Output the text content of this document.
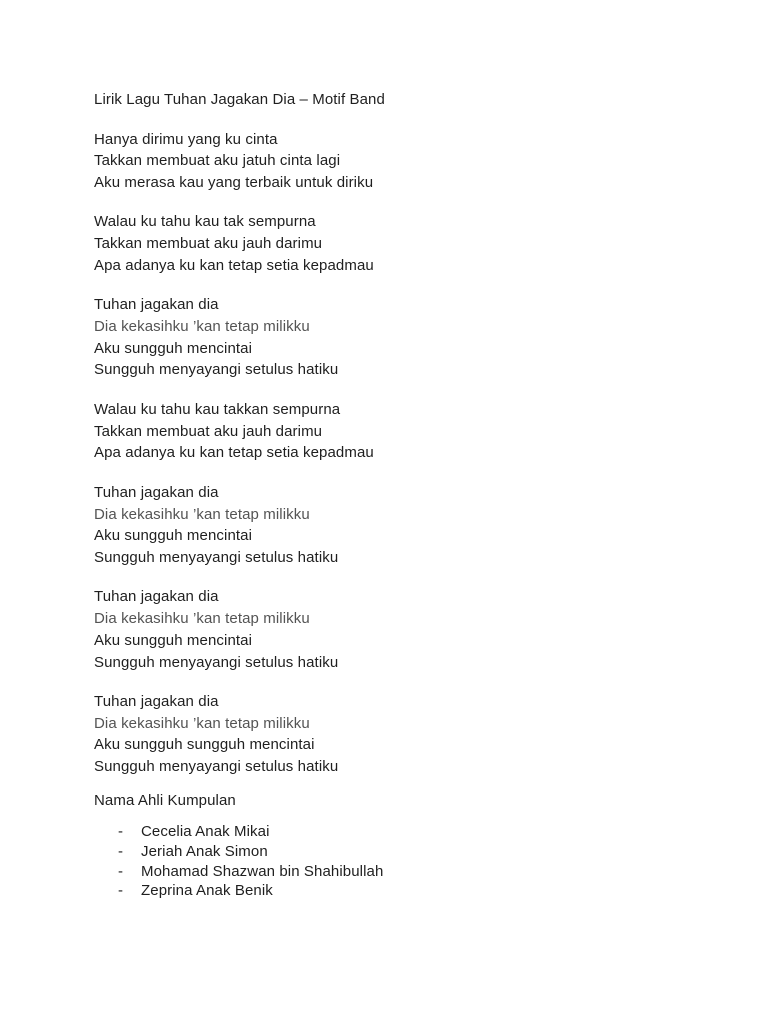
Lirik Lagu Tuhan Jagakan Dia – Motif Band

Hanya dirimu yang ku cinta
Takkan membuat aku jatuh cinta lagi
Aku merasa kau yang terbaik untuk diriku
Walau ku tahu kau tak sempurna
Takkan membuat aku jauh darimu
Apa adanya ku kan tetap setia kepadmau
Tuhan jagakan dia
Dia kekasihku ’kan tetap milikku
Aku sungguh mencintai
Sungguh menyayangi setulus hatiku
Walau ku tahu kau takkan sempurna
Takkan membuat aku jauh darimu
Apa adanya ku kan tetap setia kepadmau
Tuhan jagakan dia
Dia kekasihku ’kan tetap milikku
Aku sungguh mencintai
Sungguh menyayangi setulus hatiku
Tuhan jagakan dia
Dia kekasihku ’kan tetap milikku
Aku sungguh mencintai
Sungguh menyayangi setulus hatiku
Tuhan jagakan dia
Dia kekasihku ’kan tetap milikku
Aku sungguh sungguh mencintai
Sungguh menyayangi setulus hatiku

Nama Ahli Kumpulan

-	Cecelia Anak Mikai
-	Jeriah Anak Simon
-	Mohamad Shazwan bin Shahibullah
-	Zeprina Anak Benik
